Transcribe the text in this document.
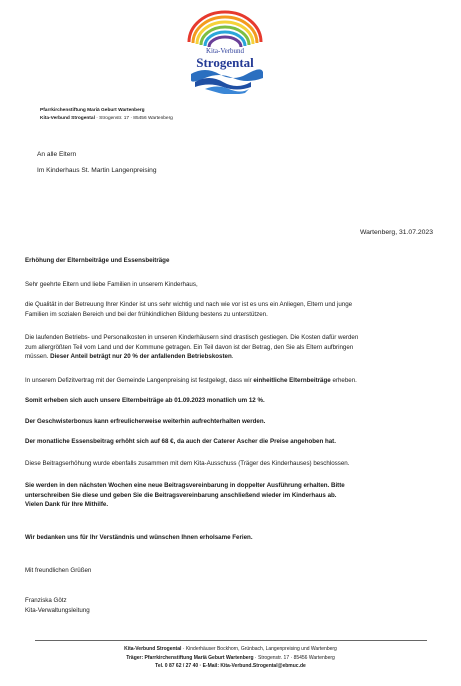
Kita-Verbund
Strogental
Pfarrkirchenstiftung Mariä Geburt Wartenberg
Kita-Verbund Strogental · Strogenstr. 17 · 85456 Wartenberg
An alle Eltern
Im Kinderhaus St. Martin Langenpreising
Wartenberg, 31.07.2023
Erhöhung der Elternbeiträge und Essensbeiträge
Sehr geehrte Eltern und liebe Familien in unserem Kinderhaus,
die Qualität in der Betreuung Ihrer Kinder ist uns sehr wichtig und nach wie vor ist es uns ein Anliegen, Eltern und junge
Familien im sozialen Bereich und bei der frühkindlichen Bildung bestens zu unterstützen.
Die laufenden Betriebs- und Personalkosten in unseren Kinderhäusern sind drastisch gestiegen. Die Kosten dafür werden
zum allergrößten Teil vom Land und der Kommune getragen. Ein Teil davon ist der Betrag, den Sie als Eltern aufbringen
müssen. Dieser Anteil beträgt nur 20 % der anfallenden Betriebskosten.
In unserem Defizitvertrag mit der Gemeinde Langenpreising ist festgelegt, dass wir einheitliche Elternbeiträge erheben.
Somit erheben sich auch unsere Elternbeiträge ab 01.09.2023 monatlich um 12 %.
Der Geschwisterbonus kann erfreulicherweise weiterhin aufrechterhalten werden.
Der monatliche Essensbeitrag erhöht sich auf 68 €, da auch der Caterer Ascher die Preise angehoben hat.
Diese Beitragserhöhung wurde ebenfalls zusammen mit dem Kita-Ausschuss (Träger des Kinderhauses) beschlossen.
Sie werden in den nächsten Wochen eine neue Beitragsvereinbarung in doppelter Ausführung erhalten. Bitte
unterschreiben Sie diese und geben Sie die Beitragsvereinbarung anschließend wieder im Kinderhaus ab.
Vielen Dank für Ihre Mithilfe.
Wir bedanken uns für Ihr Verständnis und wünschen Ihnen erholsame Ferien.
Mit freundlichen Grüßen
Franziska Götz
Kita-Verwaltungsleitung
Kita-Verbund Strogental · Kinderhäuser Bockhorn, Grünbach, Langenpreising und Wartenberg
Träger: Pfarrkirchenstiftung Mariä Geburt Wartenberg · Strogenstr. 17 · 85456 Wartenberg
Tel. 0 87 62 / 27 40 · E-Mail: Kita-Verbund.Strogental@ebmuc.de
